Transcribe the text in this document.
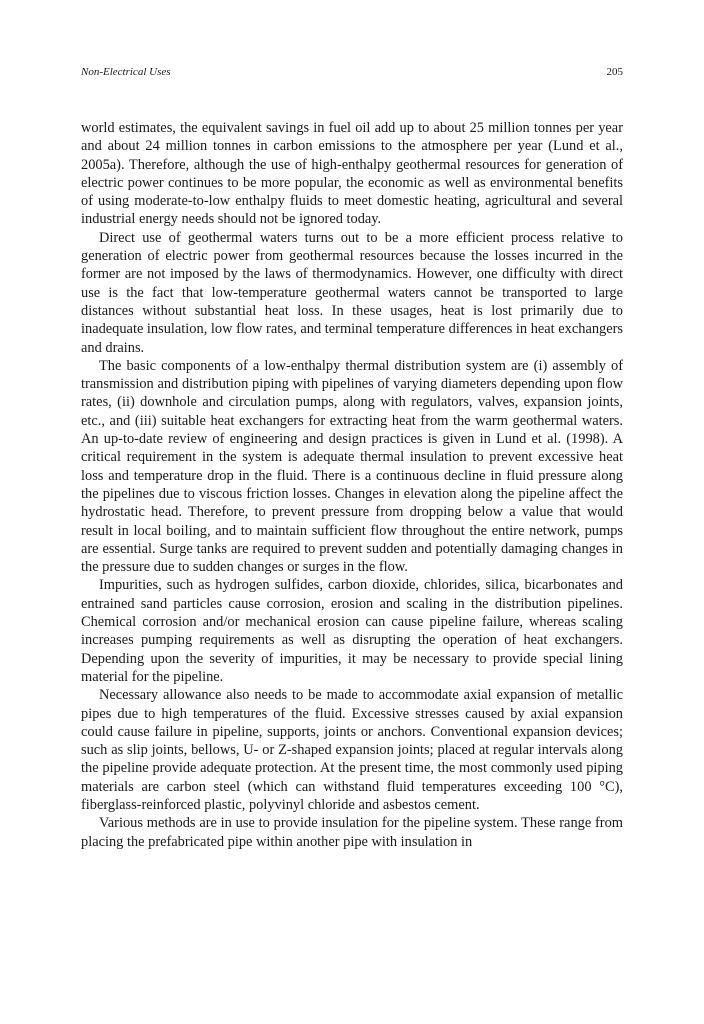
Non-Electrical Uses	205

world estimates, the equivalent savings in fuel oil add up to about 25 million tonnes per year and about 24 million tonnes in carbon emissions to the atmosphere per year (Lund et al., 2005a). Therefore, although the use of high-enthalpy geothermal resources for generation of electric power continues to be more popular, the economic as well as environmental benefits of using moderate-to-low enthalpy fluids to meet domestic heating, agricultural and several industrial energy needs should not be ignored today.

Direct use of geothermal waters turns out to be a more efficient process relative to generation of electric power from geothermal resources because the losses incurred in the former are not imposed by the laws of thermodynamics. However, one difficulty with direct use is the fact that low-temperature geothermal waters cannot be transported to large distances without substantial heat loss. In these usages, heat is lost primarily due to inadequate insulation, low flow rates, and terminal temperature differences in heat exchangers and drains.

The basic components of a low-enthalpy thermal distribution system are (i) assembly of transmission and distribution piping with pipelines of varying diameters depending upon flow rates, (ii) downhole and circulation pumps, along with regulators, valves, expansion joints, etc., and (iii) suitable heat exchangers for extracting heat from the warm geothermal waters. An up-to-date review of engineering and design practices is given in Lund et al. (1998). A critical requirement in the system is adequate thermal insulation to prevent excessive heat loss and temperature drop in the fluid. There is a continuous decline in fluid pressure along the pipelines due to viscous friction losses. Changes in elevation along the pipeline affect the hydrostatic head. Therefore, to prevent pressure from dropping below a value that would result in local boiling, and to maintain sufficient flow throughout the entire network, pumps are essential. Surge tanks are required to prevent sudden and potentially damaging changes in the pressure due to sudden changes or surges in the flow.

Impurities, such as hydrogen sulfides, carbon dioxide, chlorides, silica, bicarbonates and entrained sand particles cause corrosion, erosion and scaling in the distribution pipelines. Chemical corrosion and/or mechanical erosion can cause pipeline failure, whereas scaling increases pumping requirements as well as disrupting the operation of heat exchangers. Depending upon the severity of impurities, it may be necessary to provide special lining material for the pipeline.

Necessary allowance also needs to be made to accommodate axial expansion of metallic pipes due to high temperatures of the fluid. Excessive stresses caused by axial expansion could cause failure in pipeline, supports, joints or anchors. Conventional expansion devices; such as slip joints, bellows, U- or Z-shaped expansion joints; placed at regular intervals along the pipeline provide adequate protection. At the present time, the most commonly used piping materials are carbon steel (which can withstand fluid temperatures exceeding 100 °C), fiberglass-reinforced plastic, polyvinyl chloride and asbestos cement.

Various methods are in use to provide insulation for the pipeline system. These range from placing the prefabricated pipe within another pipe with insulation in
